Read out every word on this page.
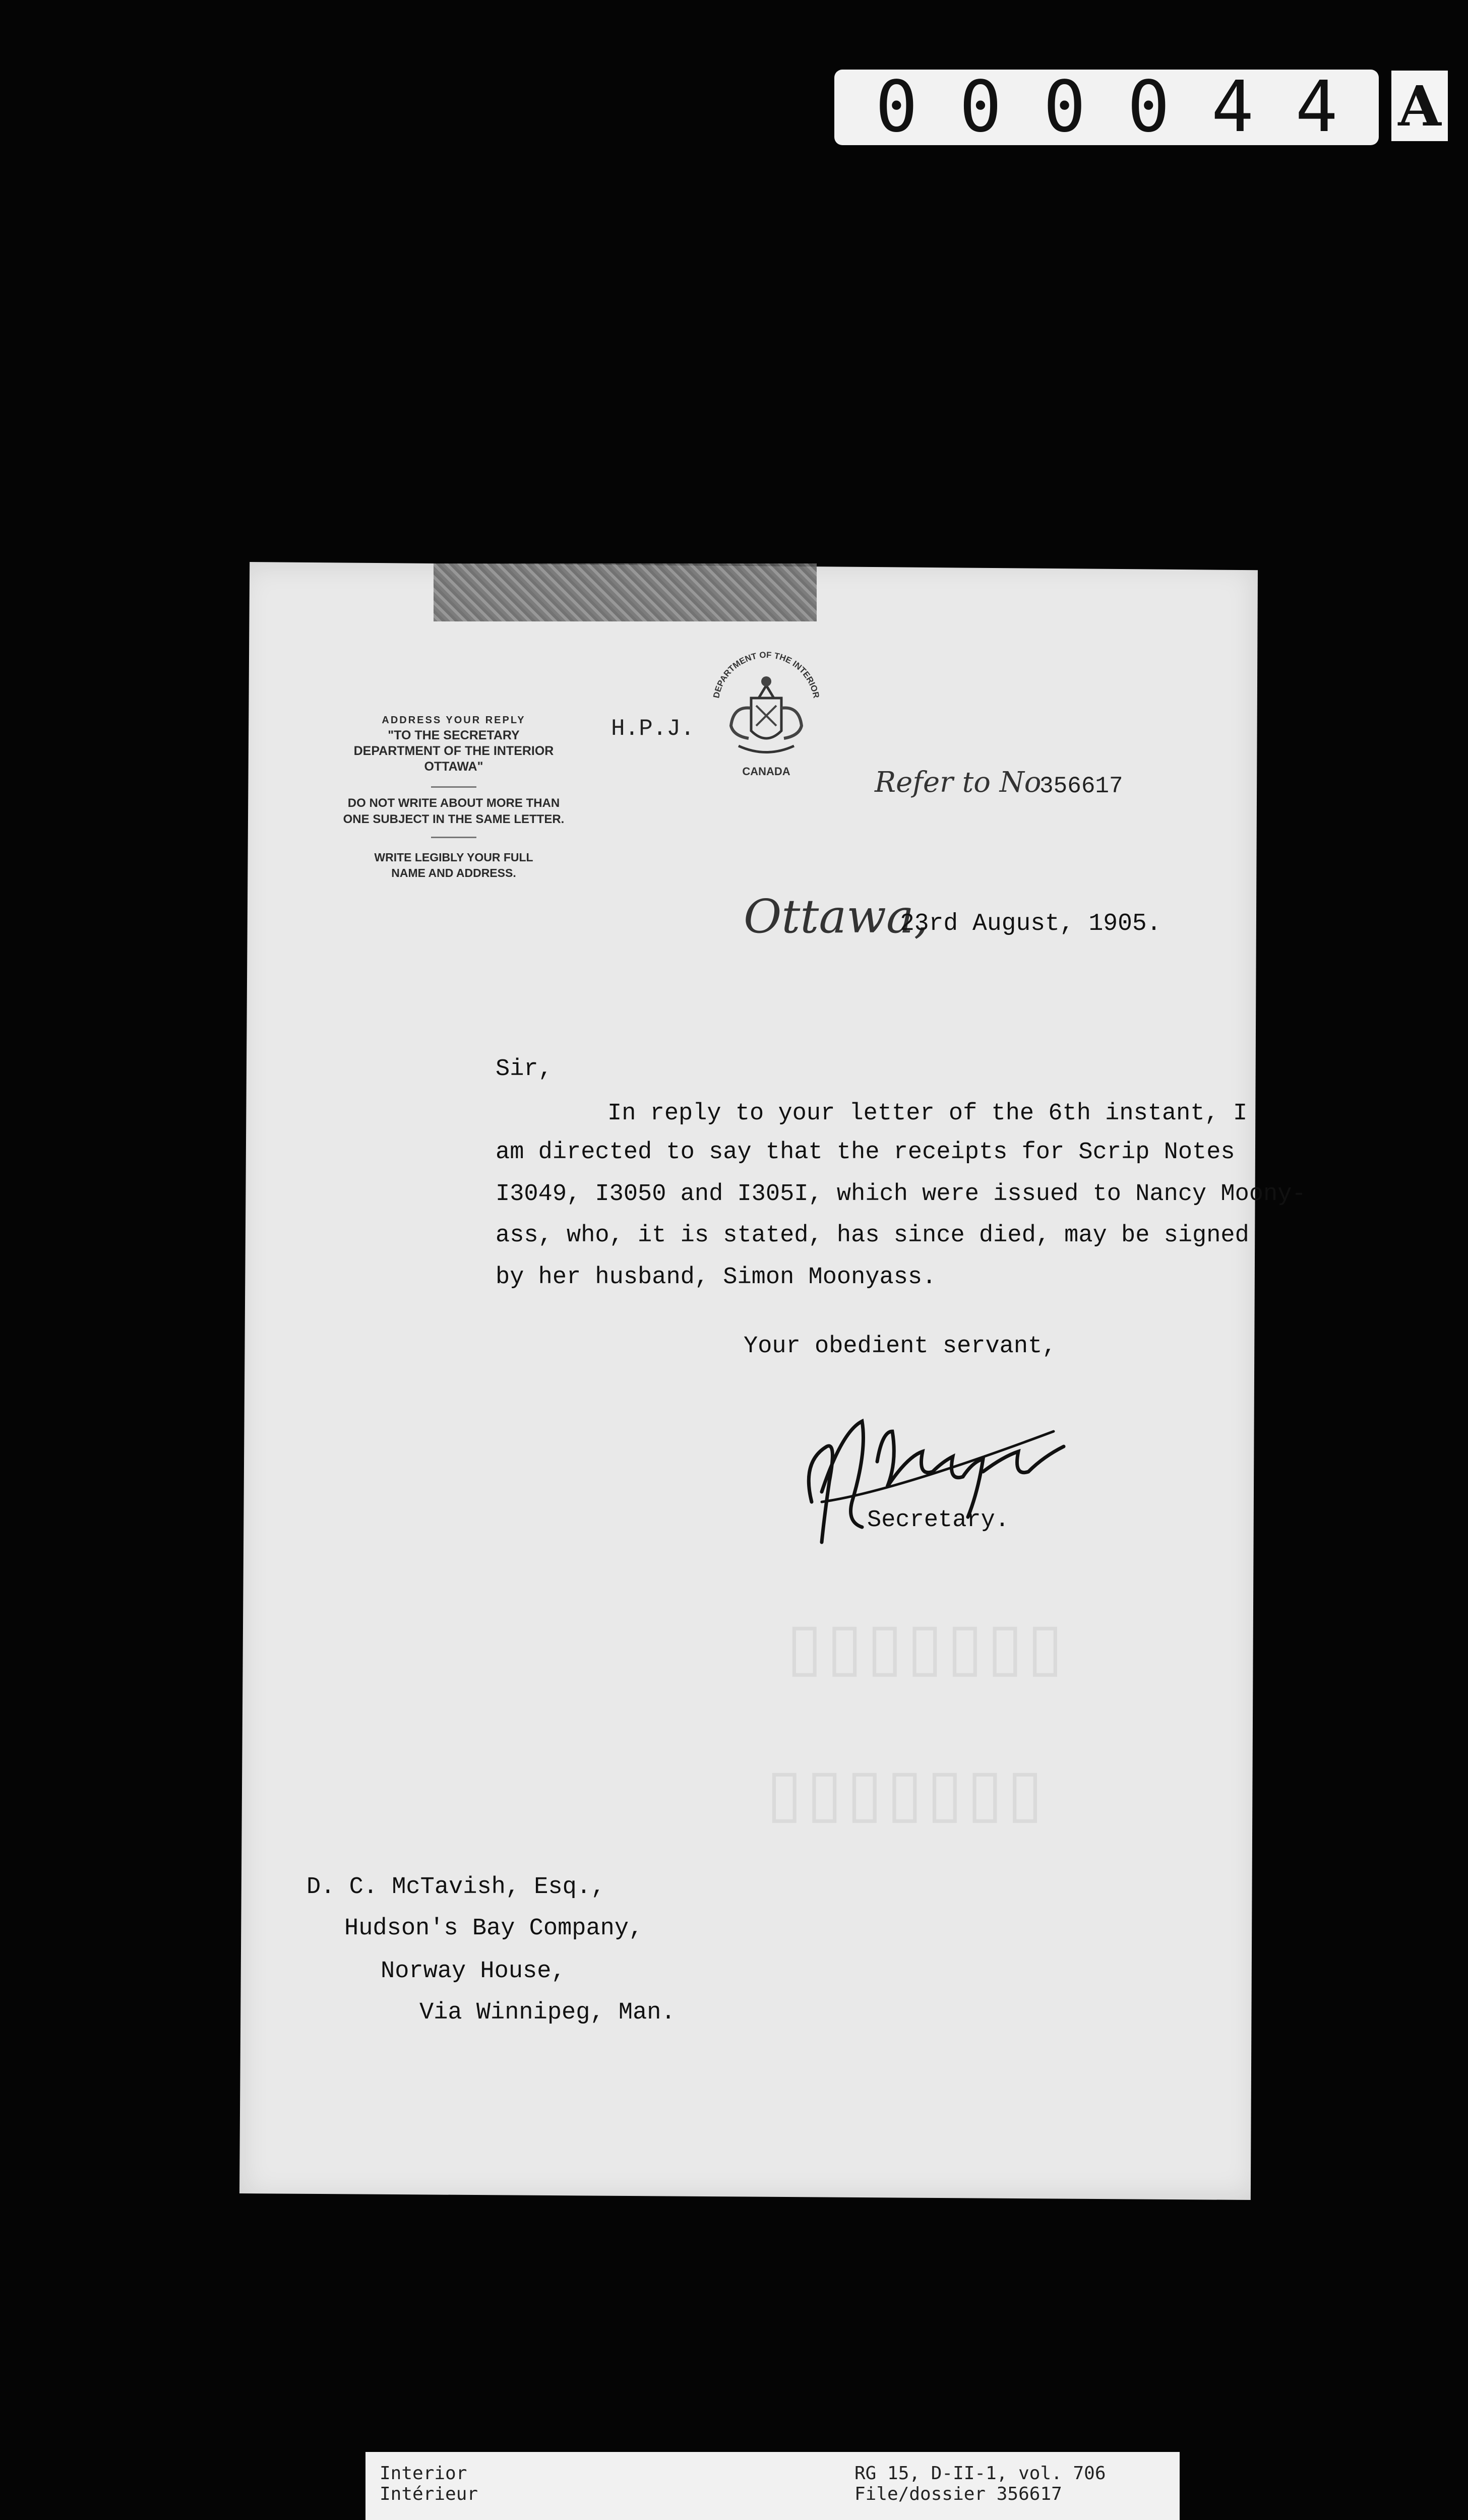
0 0 0 0 4 4 A
ADDRESS YOUR REPLY
"TO THE SECRETARY
DEPARTMENT OF THE INTERIOR
OTTAWA"
DO NOT WRITE ABOUT MORE THAN
ONE SUBJECT IN THE SAME LETTER.
WRITE LEGIBLY YOUR FULL
NAME AND ADDRESS.
H.P.J.
DEPARTMENT OF THE INTERIOR
CANADA	Refer to No
356617
Ottawa,
23rd August, 1905.
Sir,
In reply to your letter of the 6th instant, I
am directed to say that the receipts for Scrip Notes
I3049, I3050 and I305I, which were issued to Nancy Moony-
ass, who, it is stated, has since died, may be signed
by her husband, Simon Moonyass.
Your obedient servant,
Secretary.
▯▯▯▯▯▯▯
▯▯▯▯▯▯▯
D. C. McTavish, Esq.,
Hudson's Bay Company,
Norway House,
Via Winnipeg, Man.
Interior
Intérieur
RG 15, D-II-1, vol. 706
File/dossier 356617
